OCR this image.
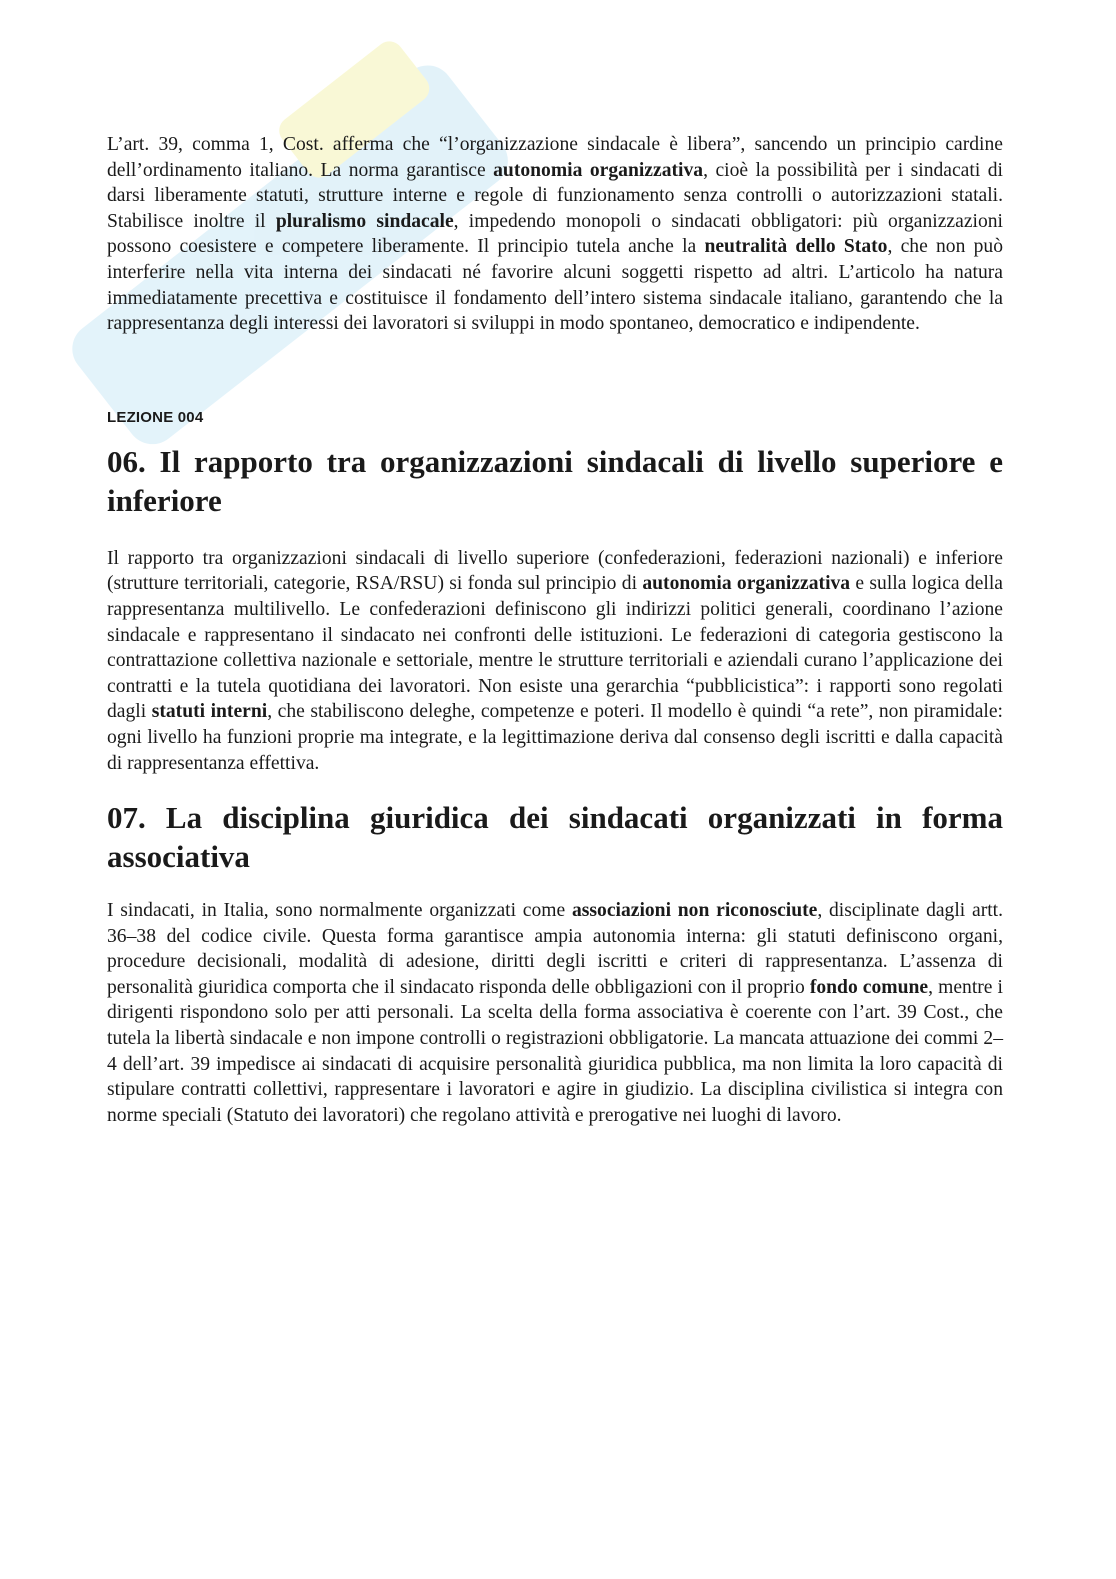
L’art. 39, comma 1, Cost. afferma che “l’organizzazione sindacale è libera”, sancendo un principio cardine dell’ordinamento italiano. La norma garantisce autonomia organizzativa, cioè la possibilità per i sindacati di darsi liberamente statuti, strutture interne e regole di funzionamento senza controlli o autorizzazioni statali. Stabilisce inoltre il pluralismo sindacale, impedendo monopoli o sindacati obbligatori: più organizzazioni possono coesistere e competere liberamente. Il principio tutela anche la neutralità dello Stato, che non può interferire nella vita interna dei sindacati né favorire alcuni soggetti rispetto ad altri. L’articolo ha natura immediatamente precettiva e costituisce il fondamento dell’intero sistema sindacale italiano, garantendo che la rappresentanza degli interessi dei lavoratori si sviluppi in modo spontaneo, democratico e indipendente.

LEZIONE 004
06. Il rapporto tra organizzazioni sindacali di livello superiore e inferiore

Il rapporto tra organizzazioni sindacali di livello superiore (confederazioni, federazioni nazionali) e inferiore (strutture territoriali, categorie, RSA/RSU) si fonda sul principio di autonomia organizzativa e sulla logica della rappresentanza multilivello. Le confederazioni definiscono gli indirizzi politici generali, coordinano l’azione sindacale e rappresentano il sindacato nei confronti delle istituzioni. Le federazioni di categoria gestiscono la contrattazione collettiva nazionale e settoriale, mentre le strutture territoriali e aziendali curano l’applicazione dei contratti e la tutela quotidiana dei lavoratori. Non esiste una gerarchia “pubblicistica”: i rapporti sono regolati dagli statuti interni, che stabiliscono deleghe, competenze e poteri. Il modello è quindi “a rete”, non piramidale: ogni livello ha funzioni proprie ma integrate, e la legittimazione deriva dal consenso degli iscritti e dalla capacità di rappresentanza effettiva.

07. La disciplina giuridica dei sindacati organizzati in forma associativa

I sindacati, in Italia, sono normalmente organizzati come associazioni non riconosciute, disciplinate dagli artt. 36–38 del codice civile. Questa forma garantisce ampia autonomia interna: gli statuti definiscono organi, procedure decisionali, modalità di adesione, diritti degli iscritti e criteri di rappresentanza. L’assenza di personalità giuridica comporta che il sindacato risponda delle obbligazioni con il proprio fondo comune, mentre i dirigenti rispondono solo per atti personali. La scelta della forma associativa è coerente con l’art. 39 Cost., che tutela la libertà sindacale e non impone controlli o registrazioni obbligatorie. La mancata attuazione dei commi 2–4 dell’art. 39 impedisce ai sindacati di acquisire personalità giuridica pubblica, ma non limita la loro capacità di stipulare contratti collettivi, rappresentare i lavoratori e agire in giudizio. La disciplina civilistica si integra con norme speciali (Statuto dei lavoratori) che regolano attività e prerogative nei luoghi di lavoro.
